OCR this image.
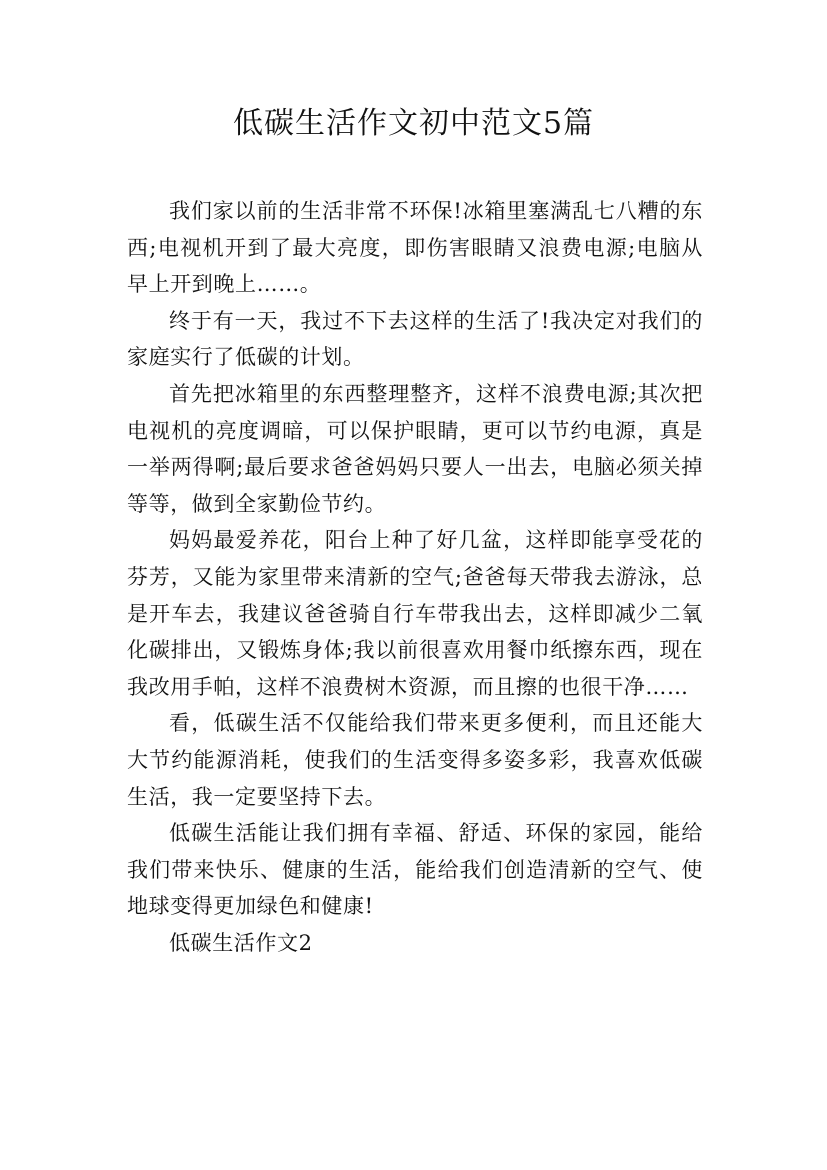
低碳生活作文初中范文5篇

我们家以前的生活非常不环保!冰箱里塞满乱七八糟的东西;电视机开到了最大亮度，即伤害眼睛又浪费电源;电脑从早上开到晚上……。

终于有一天，我过不下去这样的生活了!我决定对我们的家庭实行了低碳的计划。

首先把冰箱里的东西整理整齐，这样不浪费电源;其次把电视机的亮度调暗，可以保护眼睛，更可以节约电源，真是一举两得啊;最后要求爸爸妈妈只要人一出去，电脑必须关掉等等，做到全家勤俭节约。

妈妈最爱养花，阳台上种了好几盆，这样即能享受花的芬芳，又能为家里带来清新的空气;爸爸每天带我去游泳，总是开车去，我建议爸爸骑自行车带我出去，这样即减少二氧化碳排出，又锻炼身体;我以前很喜欢用餐巾纸擦东西，现在我改用手帕，这样不浪费树木资源，而且擦的也很干净……

看，低碳生活不仅能给我们带来更多便利，而且还能大大节约能源消耗，使我们的生活变得多姿多彩，我喜欢低碳生活，我一定要坚持下去。

低碳生活能让我们拥有幸福、舒适、环保的家园，能给我们带来快乐、健康的生活，能给我们创造清新的空气、使地球变得更加绿色和健康!

低碳生活作文2
